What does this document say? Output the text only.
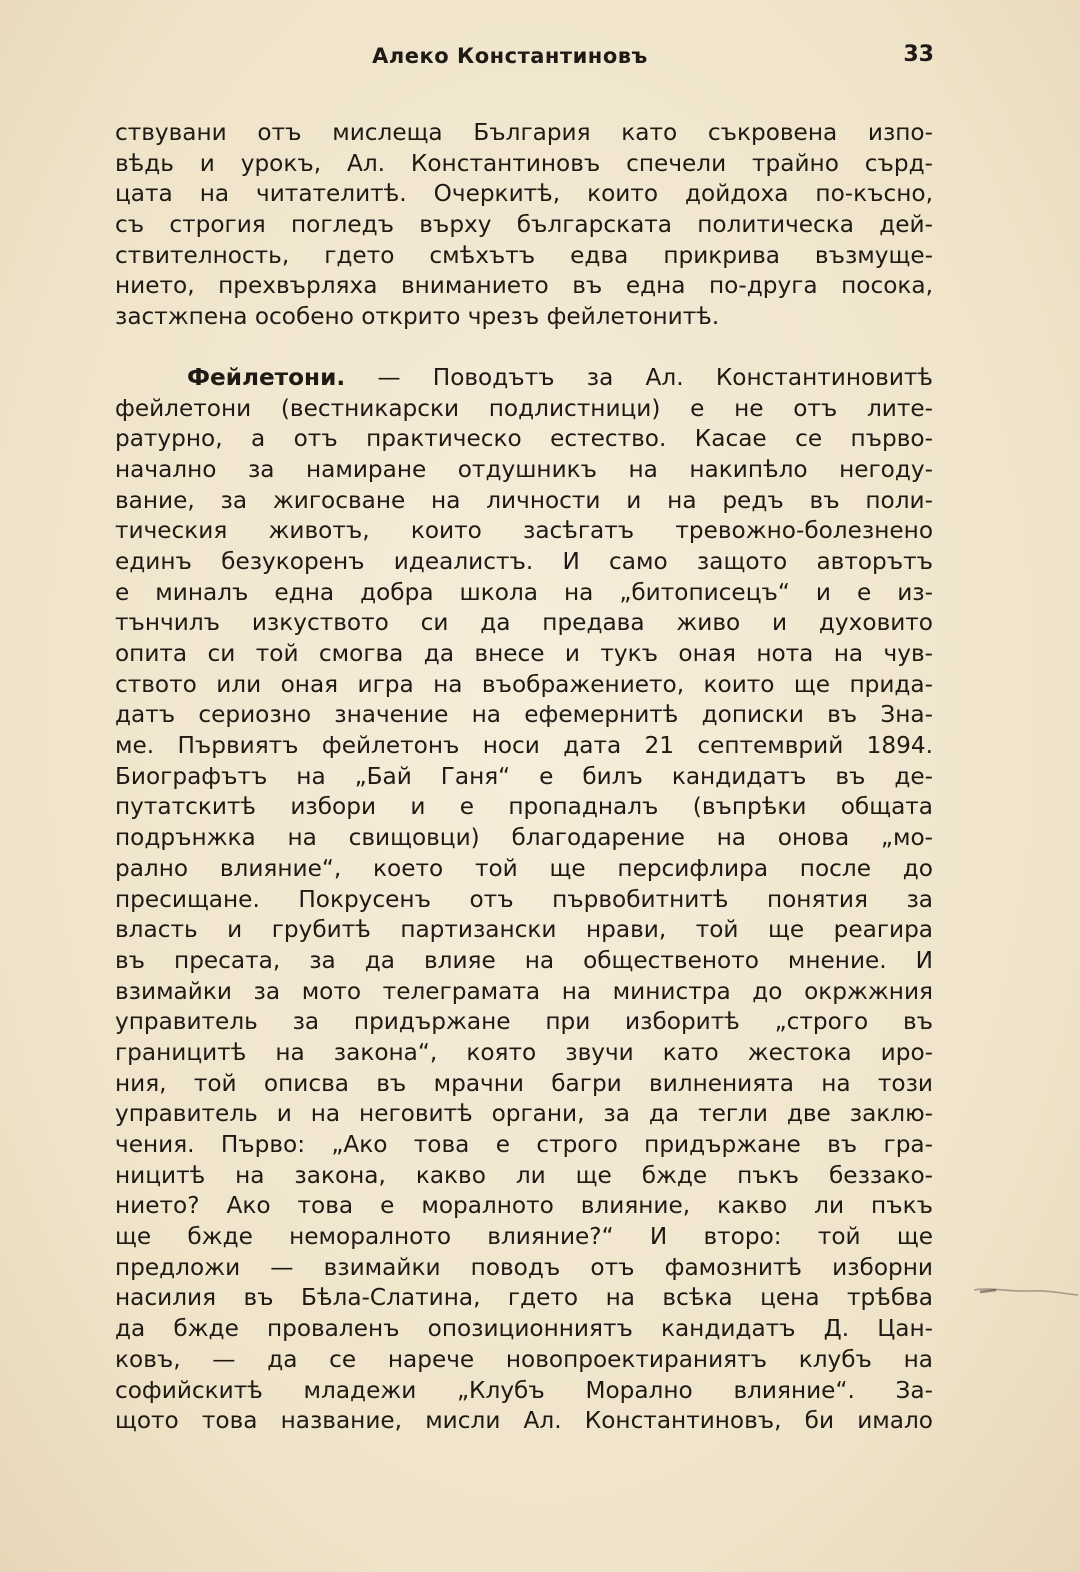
Алеко Константиновъ	33
ствувани отъ мислеща България като съкровена изпо-
вѣдь и урокъ, Ал. Константиновъ спечели трайно сърд-
цата на читателитѣ. Очеркитѣ, които дойдоха по-късно,
съ строгия погледъ върху българската политическа дей-
ствителность, гдето смѣхътъ едва прикрива възмуще-
нието, прехвърляха вниманието въ една по-друга посока,
застжпена особено открито чрезъ фейлетонитѣ.
Фейлетони. — Поводътъ за Ал. Константиновитѣ
фейлетони (вестникарски подлистници) е не отъ лите-
ратурно, а отъ практическо естество. Касае се първо-
начално за намиране отдушникъ на накипѣло негоду-
вание, за жигосване на личности и на редъ въ поли-
тическия животъ, които засѣгатъ тревожно-болезнено
единъ безукоренъ идеалистъ. И само защото авторътъ
е миналъ една добра школа на „битописецъ“ и е из-
тънчилъ изкуството си да предава живо и духовито
опита си той смогва да внесе и тукъ оная нота на чув-
ството или оная игра на въображението, които ще прида-
датъ сериозно значение на ефемернитѣ дописки въ Зна-
ме. Първиятъ фейлетонъ носи дата 21 септемврий 1894.
Биографътъ на „Бай Ганя“ е билъ кандидатъ въ де-
путатскитѣ избори и е пропадналъ (въпрѣки общата
подрънжка на свищовци) благодарение на онова „мо-
рално влияние“, което той ще персифлира после до
пресищане. Покрусенъ отъ първобитнитѣ понятия за
власть и грубитѣ партизански нрави, той ще реагира
въ пресата, за да влияе на общественото мнение. И
взимайки за мото телеграмата на министра до окржжния
управитель за придържане при изборитѣ „строго въ
границитѣ на закона“, която звучи като жестока иро-
ния, той описва въ мрачни багри вилненията на този
управитель и на неговитѣ органи, за да тегли две заклю-
чения. Първо: „Ако това е строго придържане въ гра-
ницитѣ на закона, какво ли ще бжде пъкъ беззако-
нието? Ако това е моралното влияние, какво ли пъкъ
ще бжде неморалното влияние?“ И второ: той ще
предложи — взимайки поводъ отъ фамознитѣ изборни
насилия въ Бѣла-Слатина, гдето на всѣка цена трѣбва
да бжде проваленъ опозиционниятъ кандидатъ Д. Цан-
ковъ, — да се нарече новопроектираниятъ клубъ на
софийскитѣ младежи „Клубъ Морално влияние“. За-
щото това название, мисли Ал. Константиновъ, би имало
